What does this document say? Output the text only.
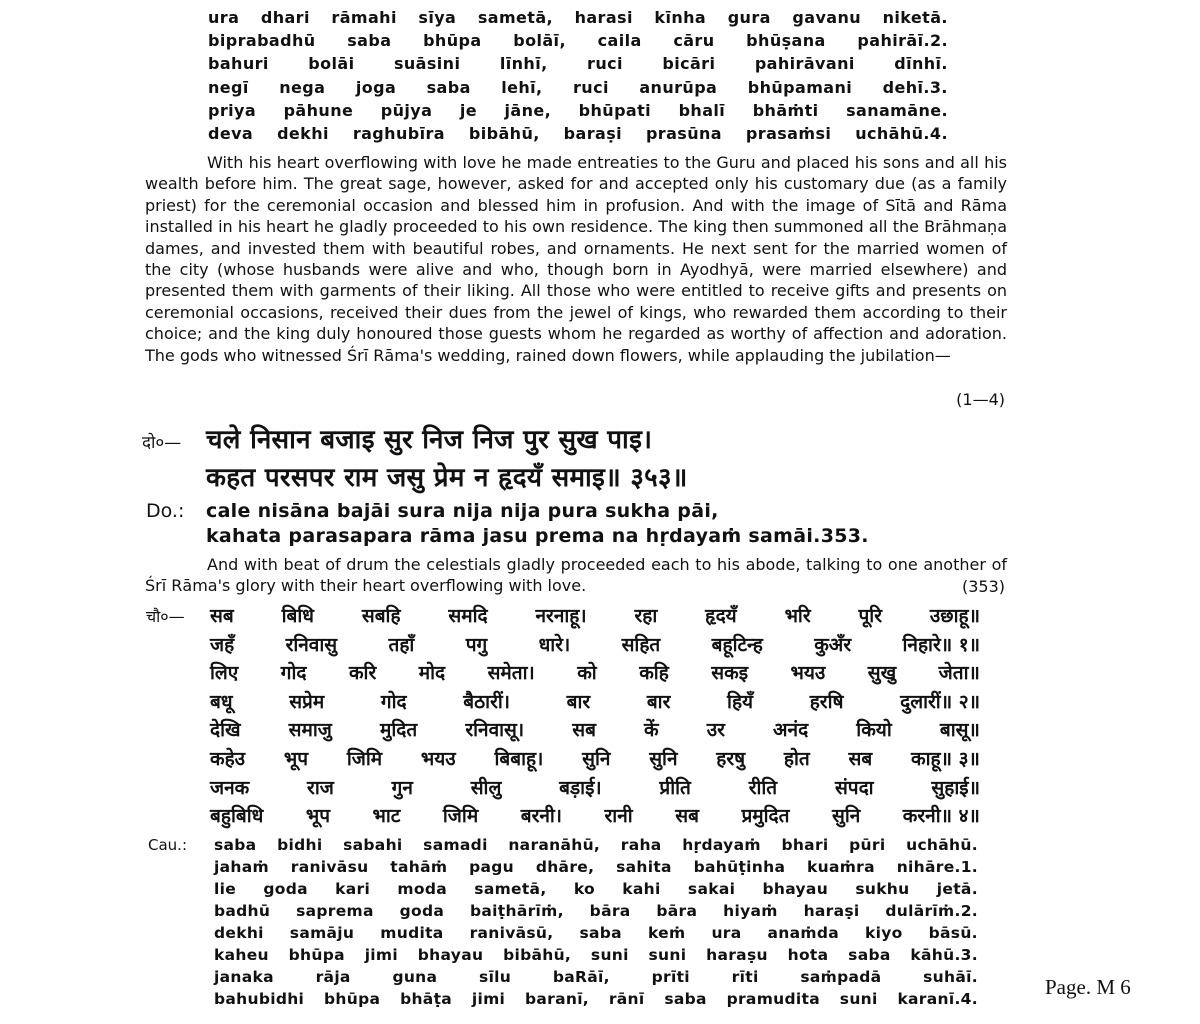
ura dhari rāmahi sīya sametā, harasi kīnha gura gavanu niketā.
biprabadhū saba bhūpa bolāī, caila cāru bhūṣana pahirāī.2.
bahuri bolāi suāsini līnhī, ruci bicāri pahirāvani dīnhī.
negī nega joga saba lehī, ruci anurūpa bhūpamani dehī.3.
priya pāhune pūjya je jāne, bhūpati bhalī bhāṁti sanamāne.
deva dekhi raghubīra bibāhū, baraṣi prasūna prasaṁsi uchāhū.4.

With his heart overflowing with love he made entreaties to the Guru and placed his sons and all his wealth before him. The great sage, however, asked for and accepted only his customary due (as a family priest) for the ceremonial occasion and blessed him in profusion. And with the image of Sītā and Rāma installed in his heart he gladly proceeded to his own residence. The king then summoned all the Brāhmaṇa dames, and invested them with beautiful robes, and ornaments. He next sent for the married women of the city (whose husbands were alive and who, though born in Ayodhyā, were married elsewhere) and presented them with garments of their liking. All those who were entitled to receive gifts and presents on ceremonial occasions, received their dues from the jewel of kings, who rewarded them according to their choice; and the king duly honoured those guests whom he regarded as worthy of affection and adoration. The gods who witnessed Śrī Rāma's wedding, rained down flowers, while applauding the jubilation—

(1—4)
दो०— चले निसान बजाइ सुर निज निज पुर सुख पाइ।
कहत परसपर राम जसु प्रेम न हृदयँ समाइ॥ ३५३॥
Do.:	cale nisāna bajāi sura nija nija pura sukha pāi,
kahata parasapara rāma jasu prema na hṛdayaṁ samāi.353.

And with beat of drum the celestials gladly proceeded each to his abode, talking to one another of Śrī Rāma's glory with their heart overflowing with love.	(353)
चौ०—	सब	बिधि	सबहि	समदि	नरनाहू।	रहा	हृदयँ	भरि	पूरि	उछाहू॥
जहँ	रनिवासु	तहाँ	पगु	धारे।	सहित	बहूटिन्ह	कुअँर	निहारे॥ १॥
लिए गोद करि मोद समेता। को कहि सकइ भयउ सुखु जेता॥
बधू	सप्रेम	गोद	बैठारीं।	बार	बार	हियँ	हरषि	दुलारीं॥ २॥
देखि	समाजु	मुदित	रनिवासू।	सब	कें	उर	अनंद	कियो	बासू॥
कहेउ भूप जिमि भयउ बिबाहू। सुनि सुनि हरषु होत सब काहू॥ ३॥
जनक	राज	गुन	सीलु	बड़ाई।	प्रीति	रीति	संपदा	सुहाई॥
बहुबिधि भूप भाट जिमि बरनी। रानी सब प्रमुदित सुनि करनी॥ ४॥
Cau.:	saba bidhi sabahi samadi naranāhū, raha hṛdayaṁ bhari pūri uchāhū.
jahaṁ ranivāsu tahāṁ pagu dhāre, sahita bahūṭinha kuaṁra nihāre.1.
lie goda kari moda sametā, ko kahi sakai bhayau sukhu jetā.
badhū saprema goda baiṭhārīṁ, bāra bāra hiyaṁ haraṣi dulārīṁ.2.
dekhi samāju mudita ranivāsū, saba keṁ ura anaṁda kiyo bāsū.
kaheu bhūpa jimi bhayau bibāhū, suni suni haraṣu hota saba kāhū.3.
janaka	rāja	guna	sīlu	baRāī,	prīti	rīti	saṁpadā	suhāī.
bahubidhi bhūpa bhāṭa jimi baranī, rānī saba pramudita suni karanī.4.	Page. M 6
